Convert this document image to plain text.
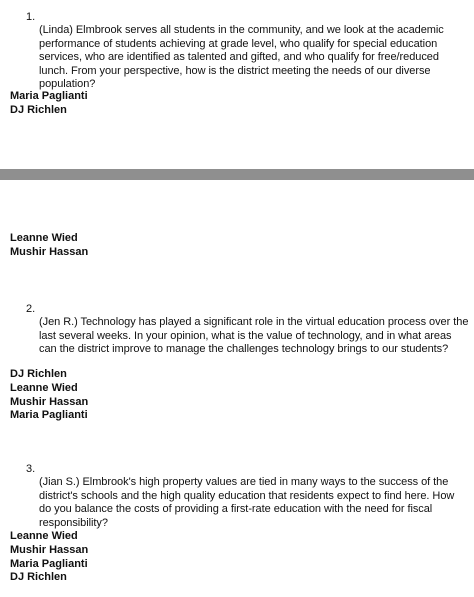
1.
(Linda) Elmbrook serves all students in the community, and we look at the academic performance of students achieving at grade level, who qualify for special education services, who are identified as talented and gifted, and who qualify for free/reduced lunch. From your perspective, how is the district meeting the needs of our diverse population?
Maria Paglianti
DJ Richlen
Leanne Wied
Mushir Hassan
2.
(Jen R.) Technology has played a significant role in the virtual education process over the last several weeks. In your opinion, what is the value of technology, and in what areas can the district improve to manage the challenges technology brings to our students?
DJ Richlen
Leanne Wied
Mushir Hassan
Maria Paglianti
3.
(Jian S.) Elmbrook's high property values are tied in many ways to the success of the district's schools and the high quality education that residents expect to find here. How do you balance the costs of providing a first-rate education with the need for fiscal responsibility?
Leanne Wied
Mushir Hassan
Maria Paglianti
DJ Richlen
